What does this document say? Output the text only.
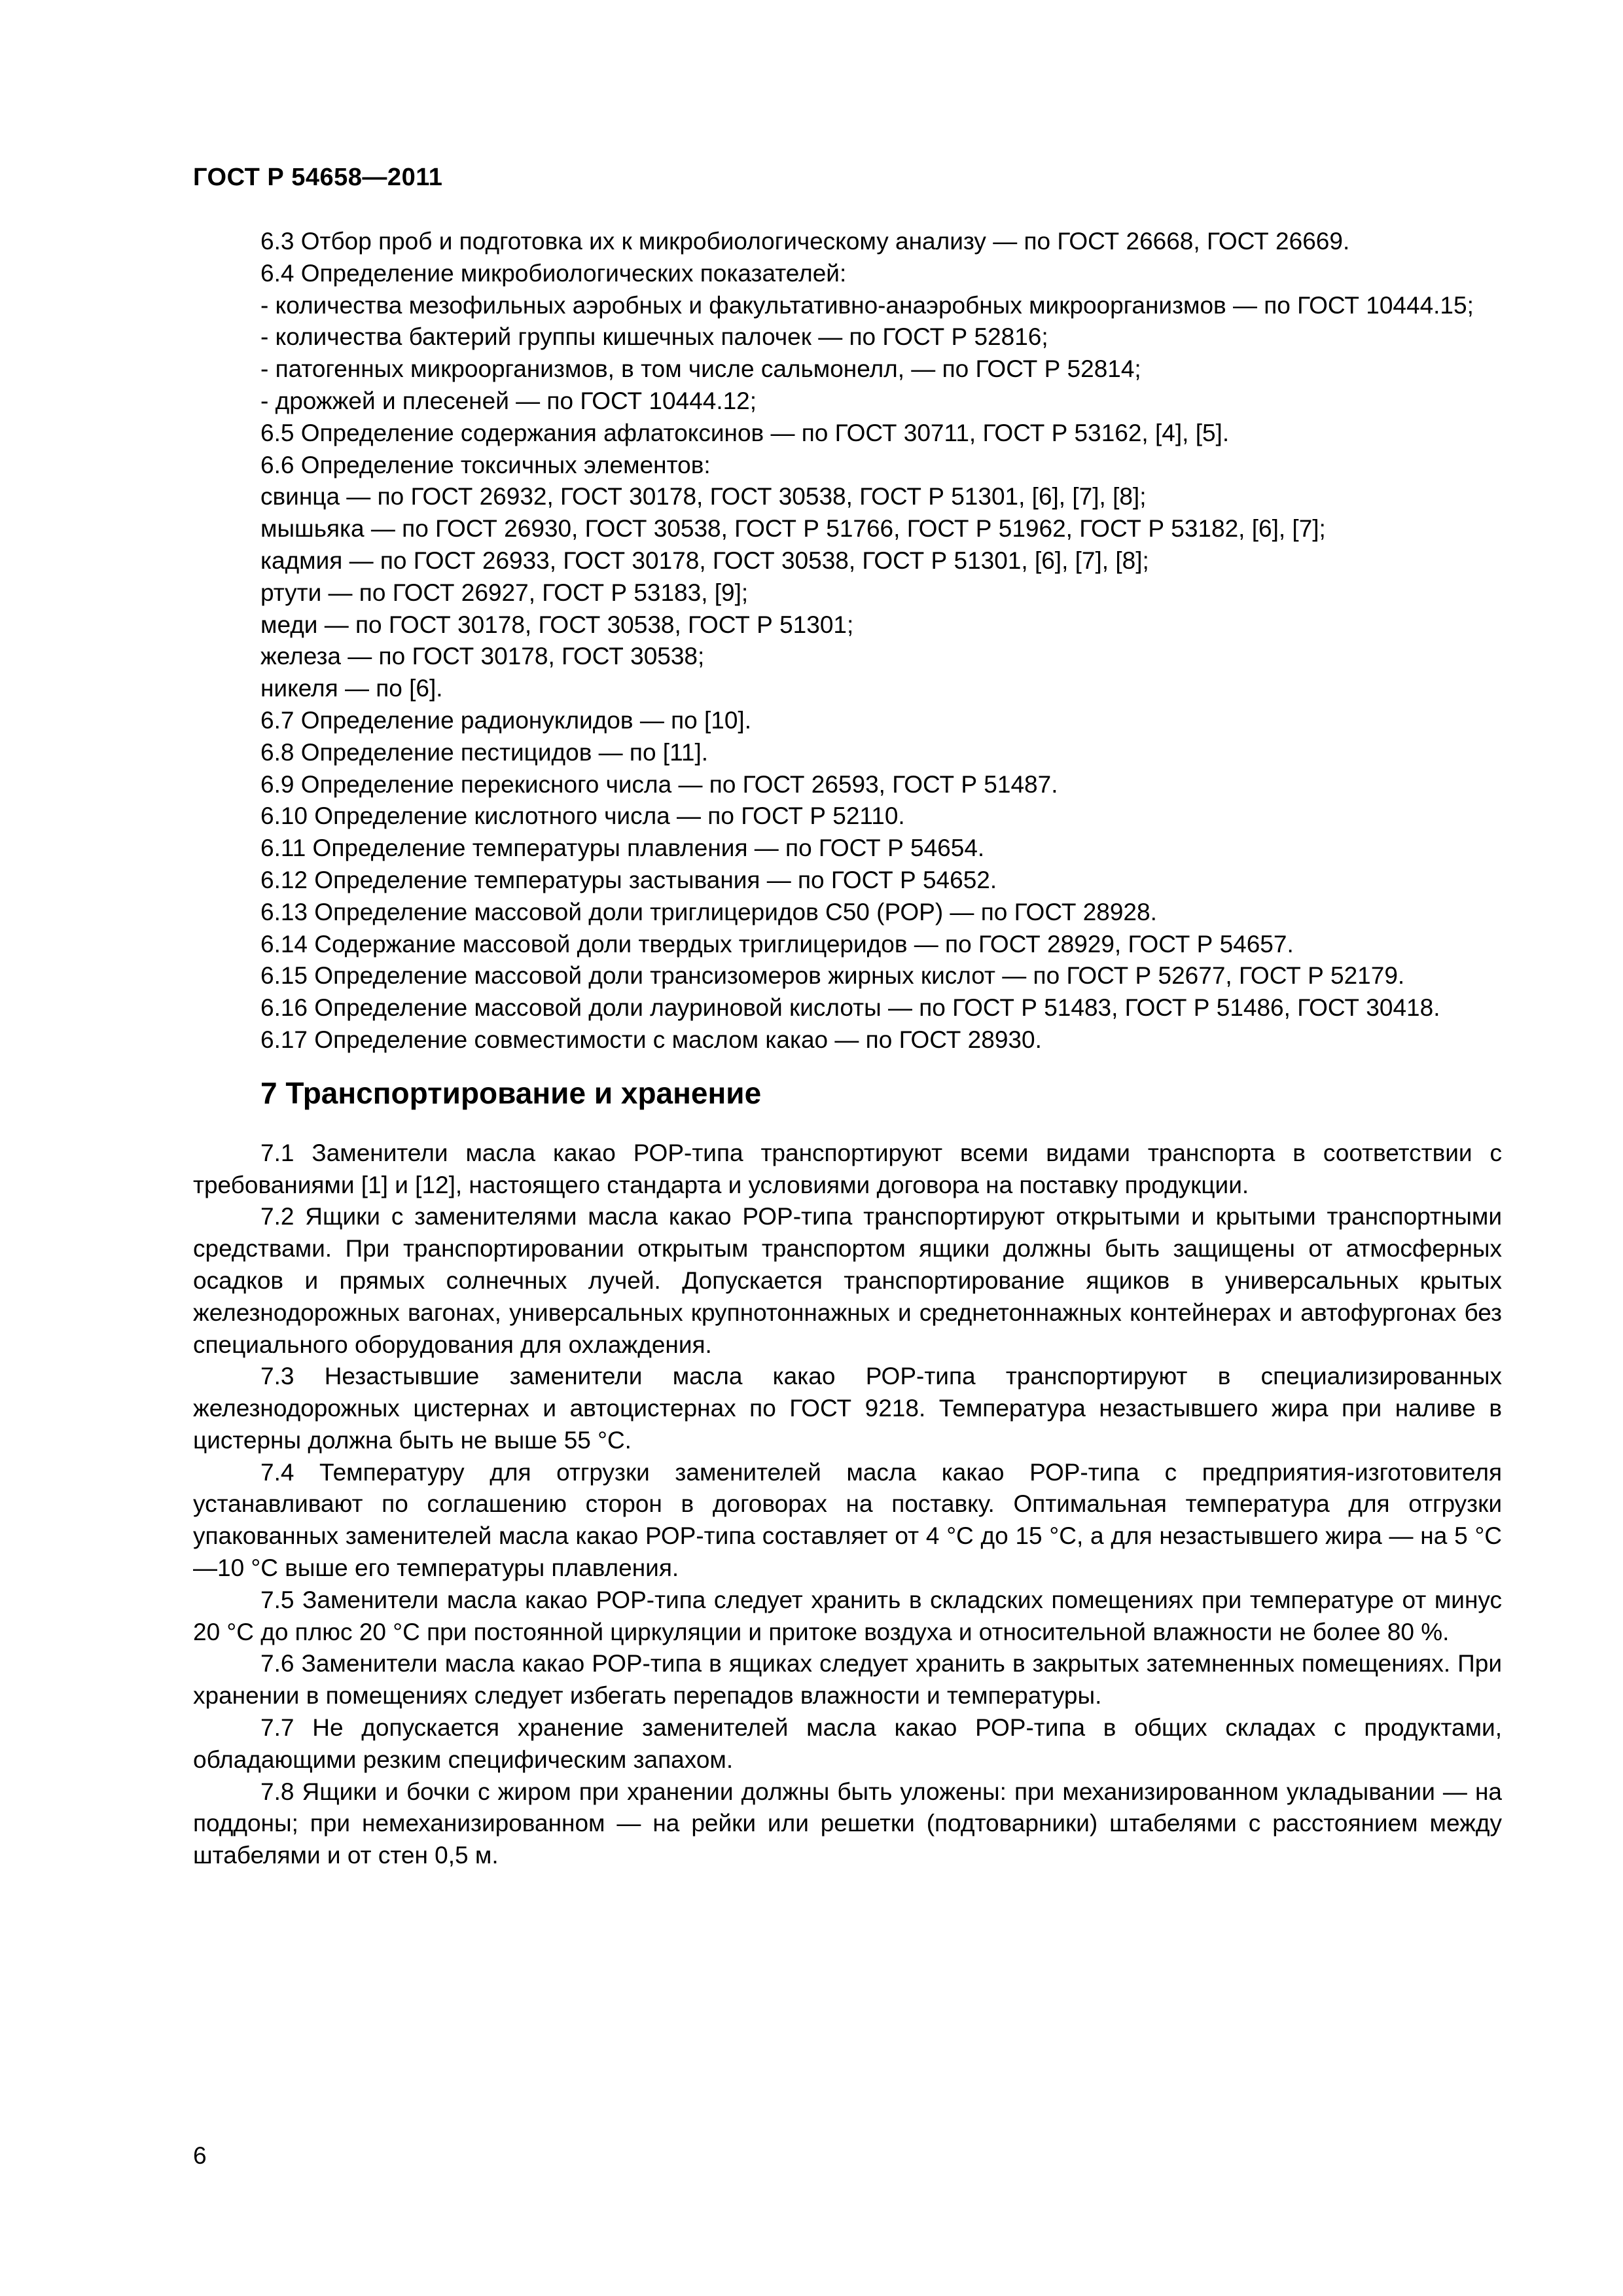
ГОСТ Р 54658—2011

6.3 Отбор проб и подготовка их к микробиологическому анализу — по ГОСТ 26668, ГОСТ 26669.

6.4 Определение микробиологических показателей:

- количества мезофильных аэробных и факультативно-анаэробных микроорганизмов — по ГОСТ 10444.15;

- количества бактерий группы кишечных палочек — по ГОСТ Р 52816;

- патогенных микроорганизмов, в том числе сальмонелл, — по ГОСТ Р 52814;

- дрожжей и плесеней — по ГОСТ 10444.12;

6.5 Определение содержания афлатоксинов — по ГОСТ 30711, ГОСТ Р 53162, [4], [5].

6.6 Определение токсичных элементов:

свинца — по ГОСТ 26932, ГОСТ 30178, ГОСТ 30538, ГОСТ Р 51301, [6], [7], [8];

мышьяка — по ГОСТ 26930, ГОСТ 30538, ГОСТ Р 51766, ГОСТ Р 51962, ГОСТ Р 53182, [6], [7];

кадмия — по ГОСТ 26933, ГОСТ 30178, ГОСТ 30538, ГОСТ Р 51301, [6], [7], [8];

ртути — по ГОСТ 26927, ГОСТ Р 53183, [9];

меди — по ГОСТ 30178, ГОСТ 30538, ГОСТ Р 51301;

железа — по ГОСТ 30178, ГОСТ 30538;

никеля — по [6].

6.7 Определение радионуклидов — по [10].

6.8 Определение пестицидов — по [11].

6.9 Определение перекисного числа — по ГОСТ 26593, ГОСТ Р 51487.

6.10 Определение кислотного числа — по ГОСТ Р 52110.

6.11 Определение температуры плавления — по ГОСТ Р 54654.

6.12 Определение температуры застывания — по ГОСТ Р 54652.

6.13 Определение массовой доли триглицеридов С50 (РОР) — по ГОСТ 28928.

6.14 Содержание массовой доли твердых триглицеридов — по ГОСТ 28929, ГОСТ Р 54657.

6.15 Определение массовой доли трансизомеров жирных кислот — по ГОСТ Р 52677, ГОСТ Р 52179.

6.16 Определение массовой доли лауриновой кислоты — по ГОСТ Р 51483, ГОСТ Р 51486, ГОСТ 30418.

6.17 Определение совместимости с маслом какао — по ГОСТ 28930.

7 Транспортирование и хранение

7.1 Заменители масла какао РОР-типа транспортируют всеми видами транспорта в соответствии с требованиями [1] и [12], настоящего стандарта и условиями договора на поставку продукции.

7.2 Ящики с заменителями масла какао РОР-типа транспортируют открытыми и крытыми транспортными средствами. При транспортировании открытым транспортом ящики должны быть защищены от атмосферных осадков и прямых солнечных лучей. Допускается транспортирование ящиков в универсальных крытых железнодорожных вагонах, универсальных крупнотоннажных и среднетоннажных контейнерах и автофургонах без специального оборудования для охлаждения.

7.3 Незастывшие заменители масла какао РОР-типа транспортируют в специализированных железнодорожных цистернах и автоцистернах по ГОСТ 9218. Температура незастывшего жира при наливе в цистерны должна быть не выше 55 °С.

7.4 Температуру для отгрузки заменителей масла какао РОР-типа с предприятия-изготовителя устанавливают по соглашению сторон в договорах на поставку. Оптимальная температура для отгрузки упакованных заменителей масла какао РОР-типа составляет от 4 °С до 15 °С, а для незастывшего жира — на 5 °С—10 °С выше его температуры плавления.

7.5 Заменители масла какао РОР-типа следует хранить в складских помещениях при температуре от минус 20 °С до плюс 20 °С при постоянной циркуляции и притоке воздуха и относительной влажности не более 80 %.

7.6 Заменители масла какао РОР-типа в ящиках следует хранить в закрытых затемненных помещениях. При хранении в помещениях следует избегать перепадов влажности и температуры.

7.7 Не допускается хранение заменителей масла какао РОР-типа в общих складах с продуктами, обладающими резким специфическим запахом.

7.8 Ящики и бочки с жиром при хранении должны быть уложены: при механизированном укладывании — на поддоны; при немеханизированном — на рейки или решетки (подтоварники) штабелями с расстоянием между штабелями и от стен 0,5 м.

6
